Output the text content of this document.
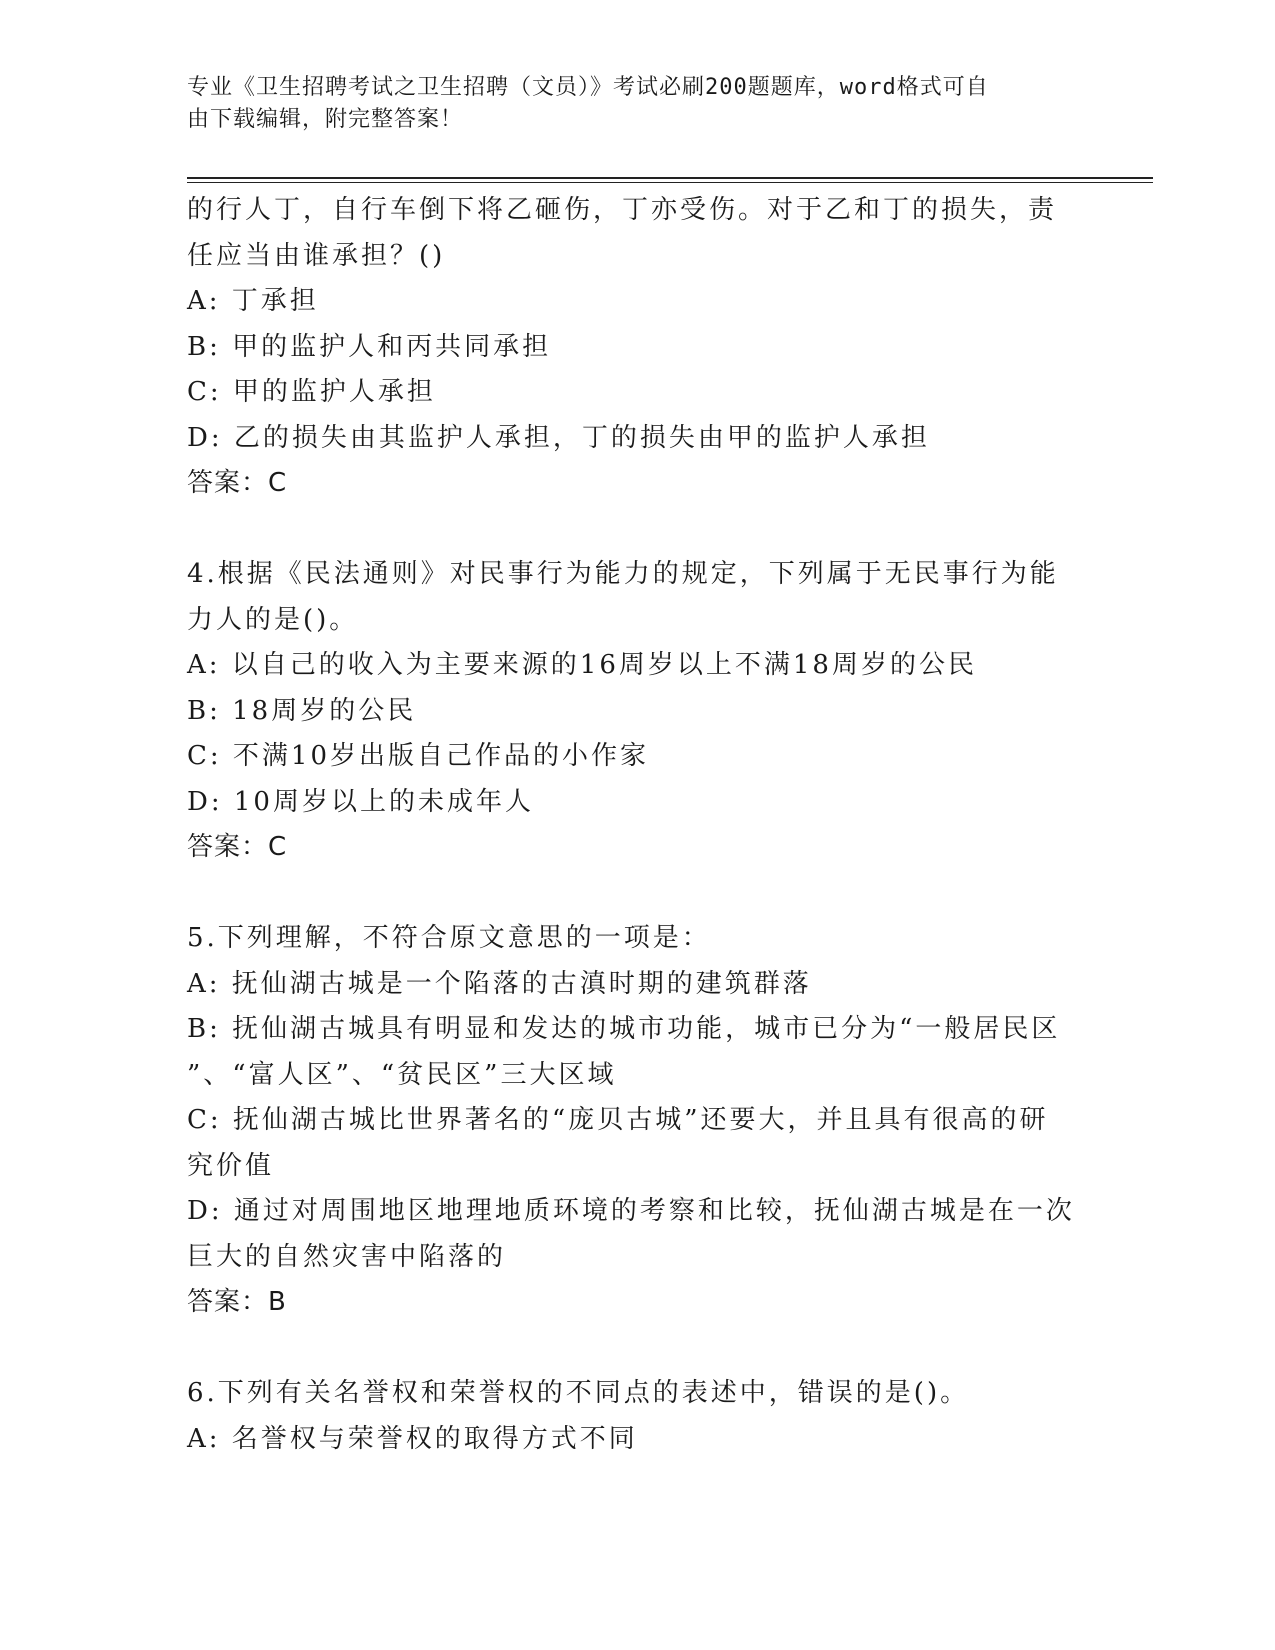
专业《卫生招聘考试之卫生招聘（文员）》考试必刷200题题库，word格式可自
由下载编辑，附完整答案！
的行人丁，自行车倒下将乙砸伤，丁亦受伤。对于乙和丁的损失，责
任应当由谁承担？()
A: 丁承担
B: 甲的监护人和丙共同承担
C: 甲的监护人承担
D: 乙的损失由其监护人承担，丁的损失由甲的监护人承担
答案：C
4.根据《民法通则》对民事行为能力的规定，下列属于无民事行为能
力人的是()。
A: 以自己的收入为主要来源的16周岁以上不满18周岁的公民
B: 18周岁的公民
C: 不满10岁出版自己作品的小作家
D: 10周岁以上的未成年人
答案：C
5.下列理解，不符合原文意思的一项是：
A: 抚仙湖古城是一个陷落的古滇时期的建筑群落
B: 抚仙湖古城具有明显和发达的城市功能，城市已分为“一般居民区
”、“富人区”、“贫民区”三大区域
C: 抚仙湖古城比世界著名的“庞贝古城”还要大，并且具有很高的研
究价值
D: 通过对周围地区地理地质环境的考察和比较，抚仙湖古城是在一次
巨大的自然灾害中陷落的
答案：B
6.下列有关名誉权和荣誉权的不同点的表述中，错误的是()。
A: 名誉权与荣誉权的取得方式不同
